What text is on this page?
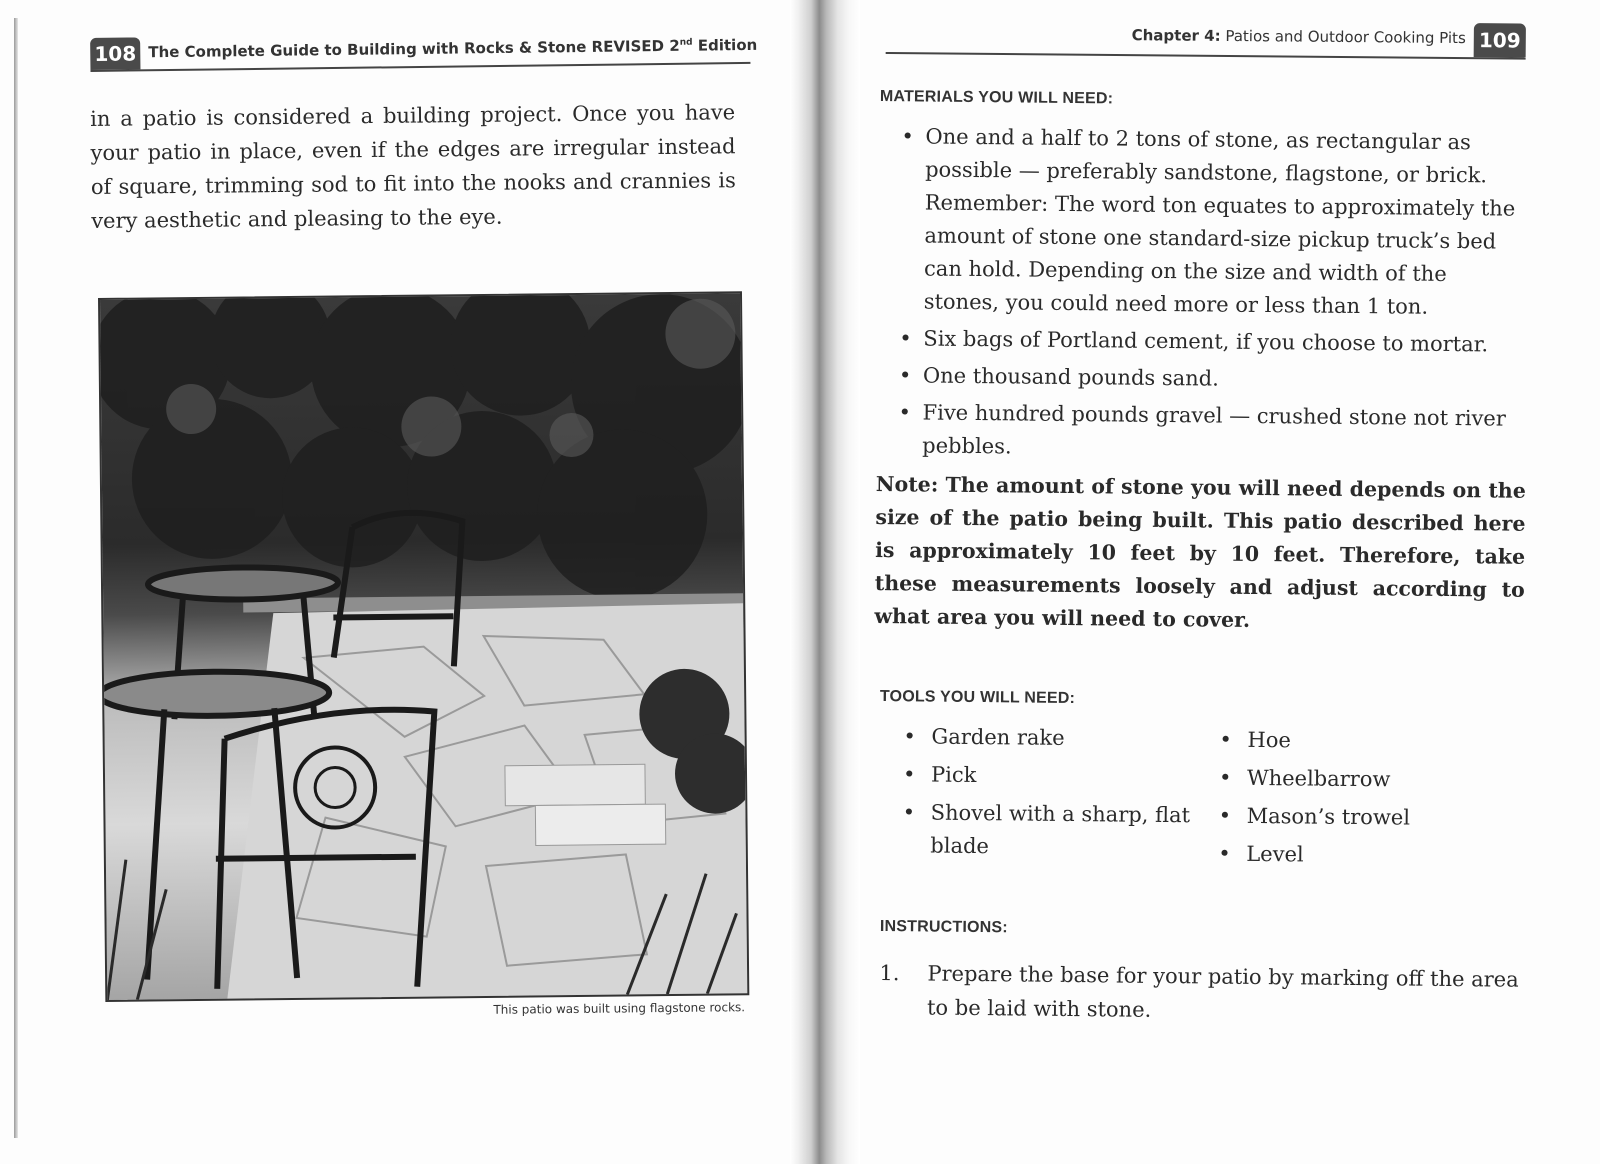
108 The Complete Guide to Building with Rocks & Stone REVISED 2nd Edition
in a patio is considered a building project. Once you have your patio in place, even if the edges are irregular instead of square, trimming sod to fit into the nooks and crannies is very aesthetic and pleasing to the eye.
This patio was built using flagstone rocks.
Chapter 4: Patios and Outdoor Cooking Pits 109
MATERIALS YOU WILL NEED:
• One and a half to 2 tons of stone, as rectangular as possible — preferably sandstone, flagstone, or brick. Remember: The word ton equates to approximately the amount of stone one standard-size pickup truck’s bed can hold. Depending on the size and width of the stones, you could need more or less than 1 ton.
• Six bags of Portland cement, if you choose to mortar.
• One thousand pounds sand.
• Five hundred pounds gravel — crushed stone not river pebbles.
Note: The amount of stone you will need depends on the size of the patio being built. This patio described here is approximately 10 feet by 10 feet. Therefore, take these measurements loosely and adjust according to what area you will need to cover.
TOOLS YOU WILL NEED:
• Garden rake
• Pick
• Shovel with a sharp, flat blade
• Hoe
• Wheelbarrow
• Mason’s trowel
• Level
INSTRUCTIONS:
1.	Prepare the base for your patio by marking off the area to be laid with stone.
